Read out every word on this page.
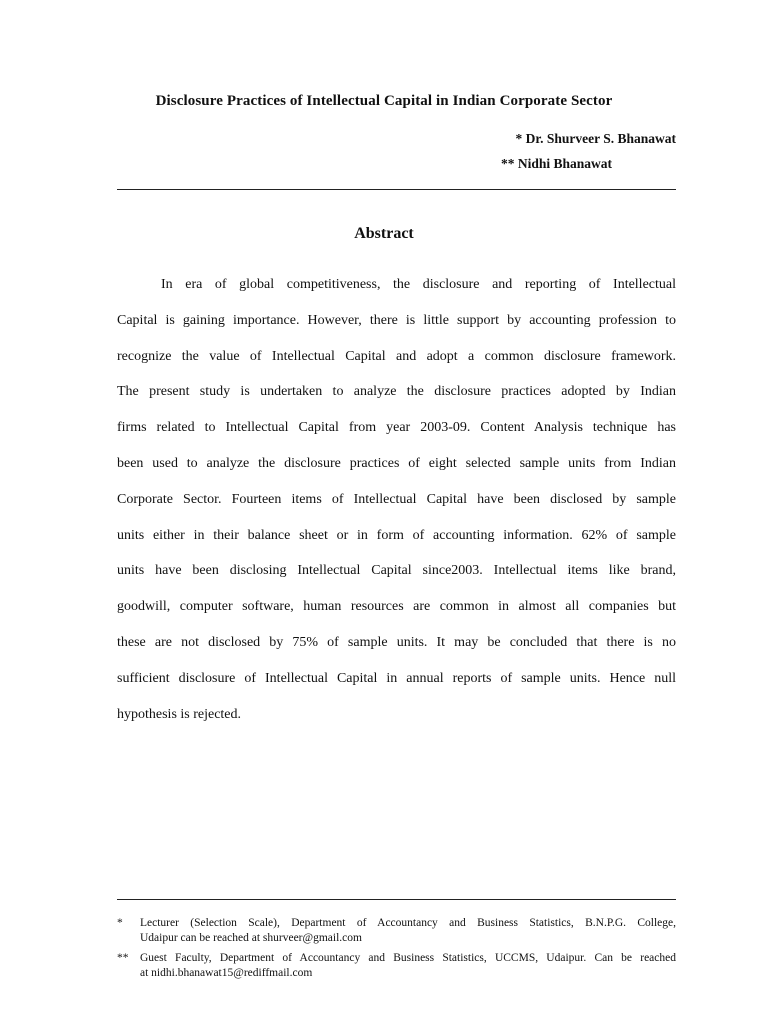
Disclosure Practices of Intellectual Capital in Indian Corporate Sector
* Dr. Shurveer S. Bhanawat
** Nidhi Bhanawat
Abstract
In era of global competitiveness, the disclosure and reporting of Intellectual
Capital is gaining importance. However, there is little support by accounting profession to
recognize the value of Intellectual Capital and adopt a common disclosure framework.
The present study is undertaken to analyze the disclosure practices adopted by Indian
firms related to Intellectual Capital from year 2003-09. Content Analysis technique has
been used to analyze the disclosure practices of eight selected sample units from Indian
Corporate Sector. Fourteen items of Intellectual Capital have been disclosed by sample
units either in their balance sheet or in form of accounting information. 62% of sample
units have been disclosing Intellectual Capital since2003. Intellectual items like brand,
goodwill, computer software, human resources are common in almost all companies but
these are not disclosed by 75% of sample units. It may be concluded that there is no
sufficient disclosure of Intellectual Capital in annual reports of sample units. Hence null
hypothesis is rejected.
*	Lecturer (Selection Scale), Department of Accountancy and Business Statistics, B.N.P.G. College,
Udaipur can be reached at shurveer@gmail.com
**	Guest Faculty, Department of Accountancy and Business Statistics, UCCMS, Udaipur. Can be reached
at nidhi.bhanawat15@rediffmail.com
